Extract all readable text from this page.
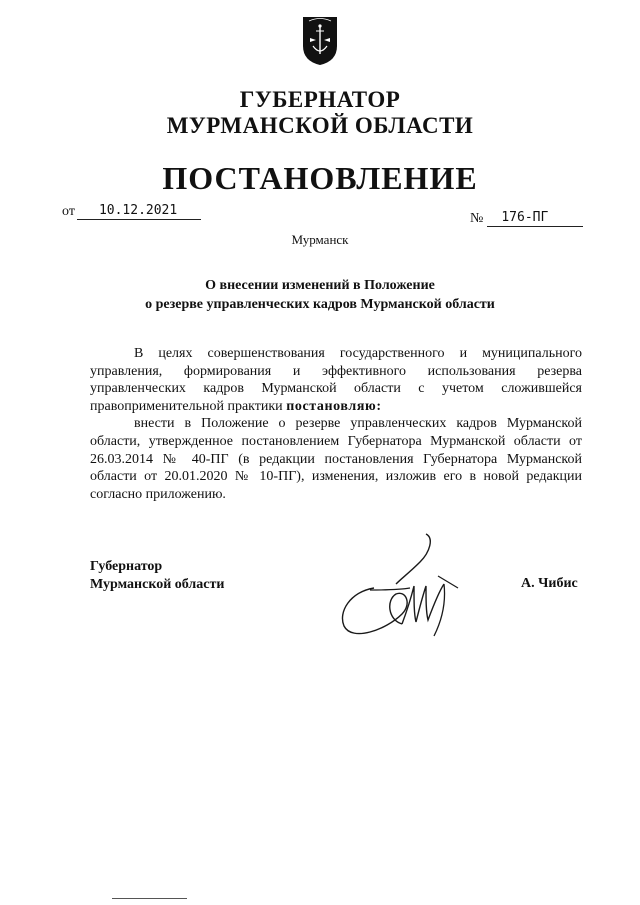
ГУБЕРНАТОР
МУРМАНСКОЙ ОБЛАСТИ
ПОСТАНОВЛЕНИЕ
от	10.12.2021
№	176-ПГ
Мурманск
О внесении изменений в Положение
о резерве управленческих кадров Мурманской области

В целях совершенствования государственного и муниципального управления, формирования и эффективного использования резерва управленческих кадров Мурманской области с учетом сложившейся правоприменительной практики постановляю:

внести в Положение о резерве управленческих кадров Мурманской области, утвержденное постановлением Губернатора Мурманской области от 26.03.2014 № 40-ПГ (в редакции постановления Губернатора Мурманской области от 20.01.2020 № 10-ПГ), изменения, изложив его в новой редакции согласно приложению.

Губернатор
Мурманской области	А. Чибис
